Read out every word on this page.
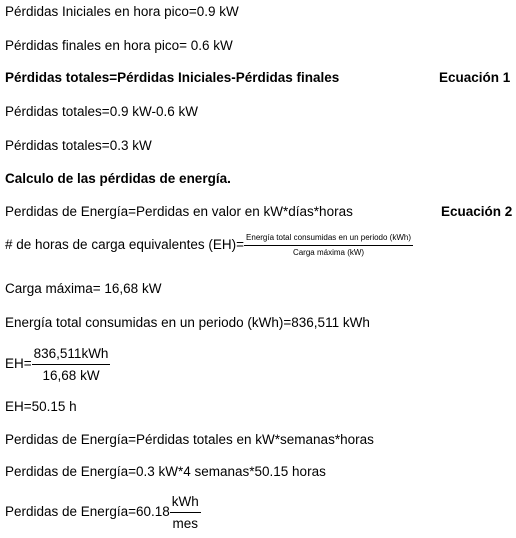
Pérdidas Iniciales en hora pico=0.9 kW
Pérdidas finales en hora pico= 0.6 kW
Pérdidas totales=Pérdidas Iniciales-Pérdidas finales	Ecuación 1
Pérdidas totales=0.9 kW-0.6 kW
Pérdidas totales=0.3 kW
Calculo de las pérdidas de energía.
Perdidas de Energía=Perdidas en valor en kW*días*horas	Ecuación 2
# de horas de carga equivalentes $(EH)= \frac{\text{Energía total consumidas en un periodo (kWh)}}{\text{Carga máxima (kW)}}$
Carga máxima= 16,68 kW
Energía total consumidas en un periodo (kWh)=836,511 kWh
$EH= \frac{\text{836,511kWh}}{16,68 kW}$
EH=50.15 h
Perdidas de Energía=Pérdidas totales en kW*semanas*horas
Perdidas de Energía=0.3 kW*4 semanas*50.15 horas
Perdidas de Energía=60.18 $\frac{\text{kWh}}{\text{mes}}$
